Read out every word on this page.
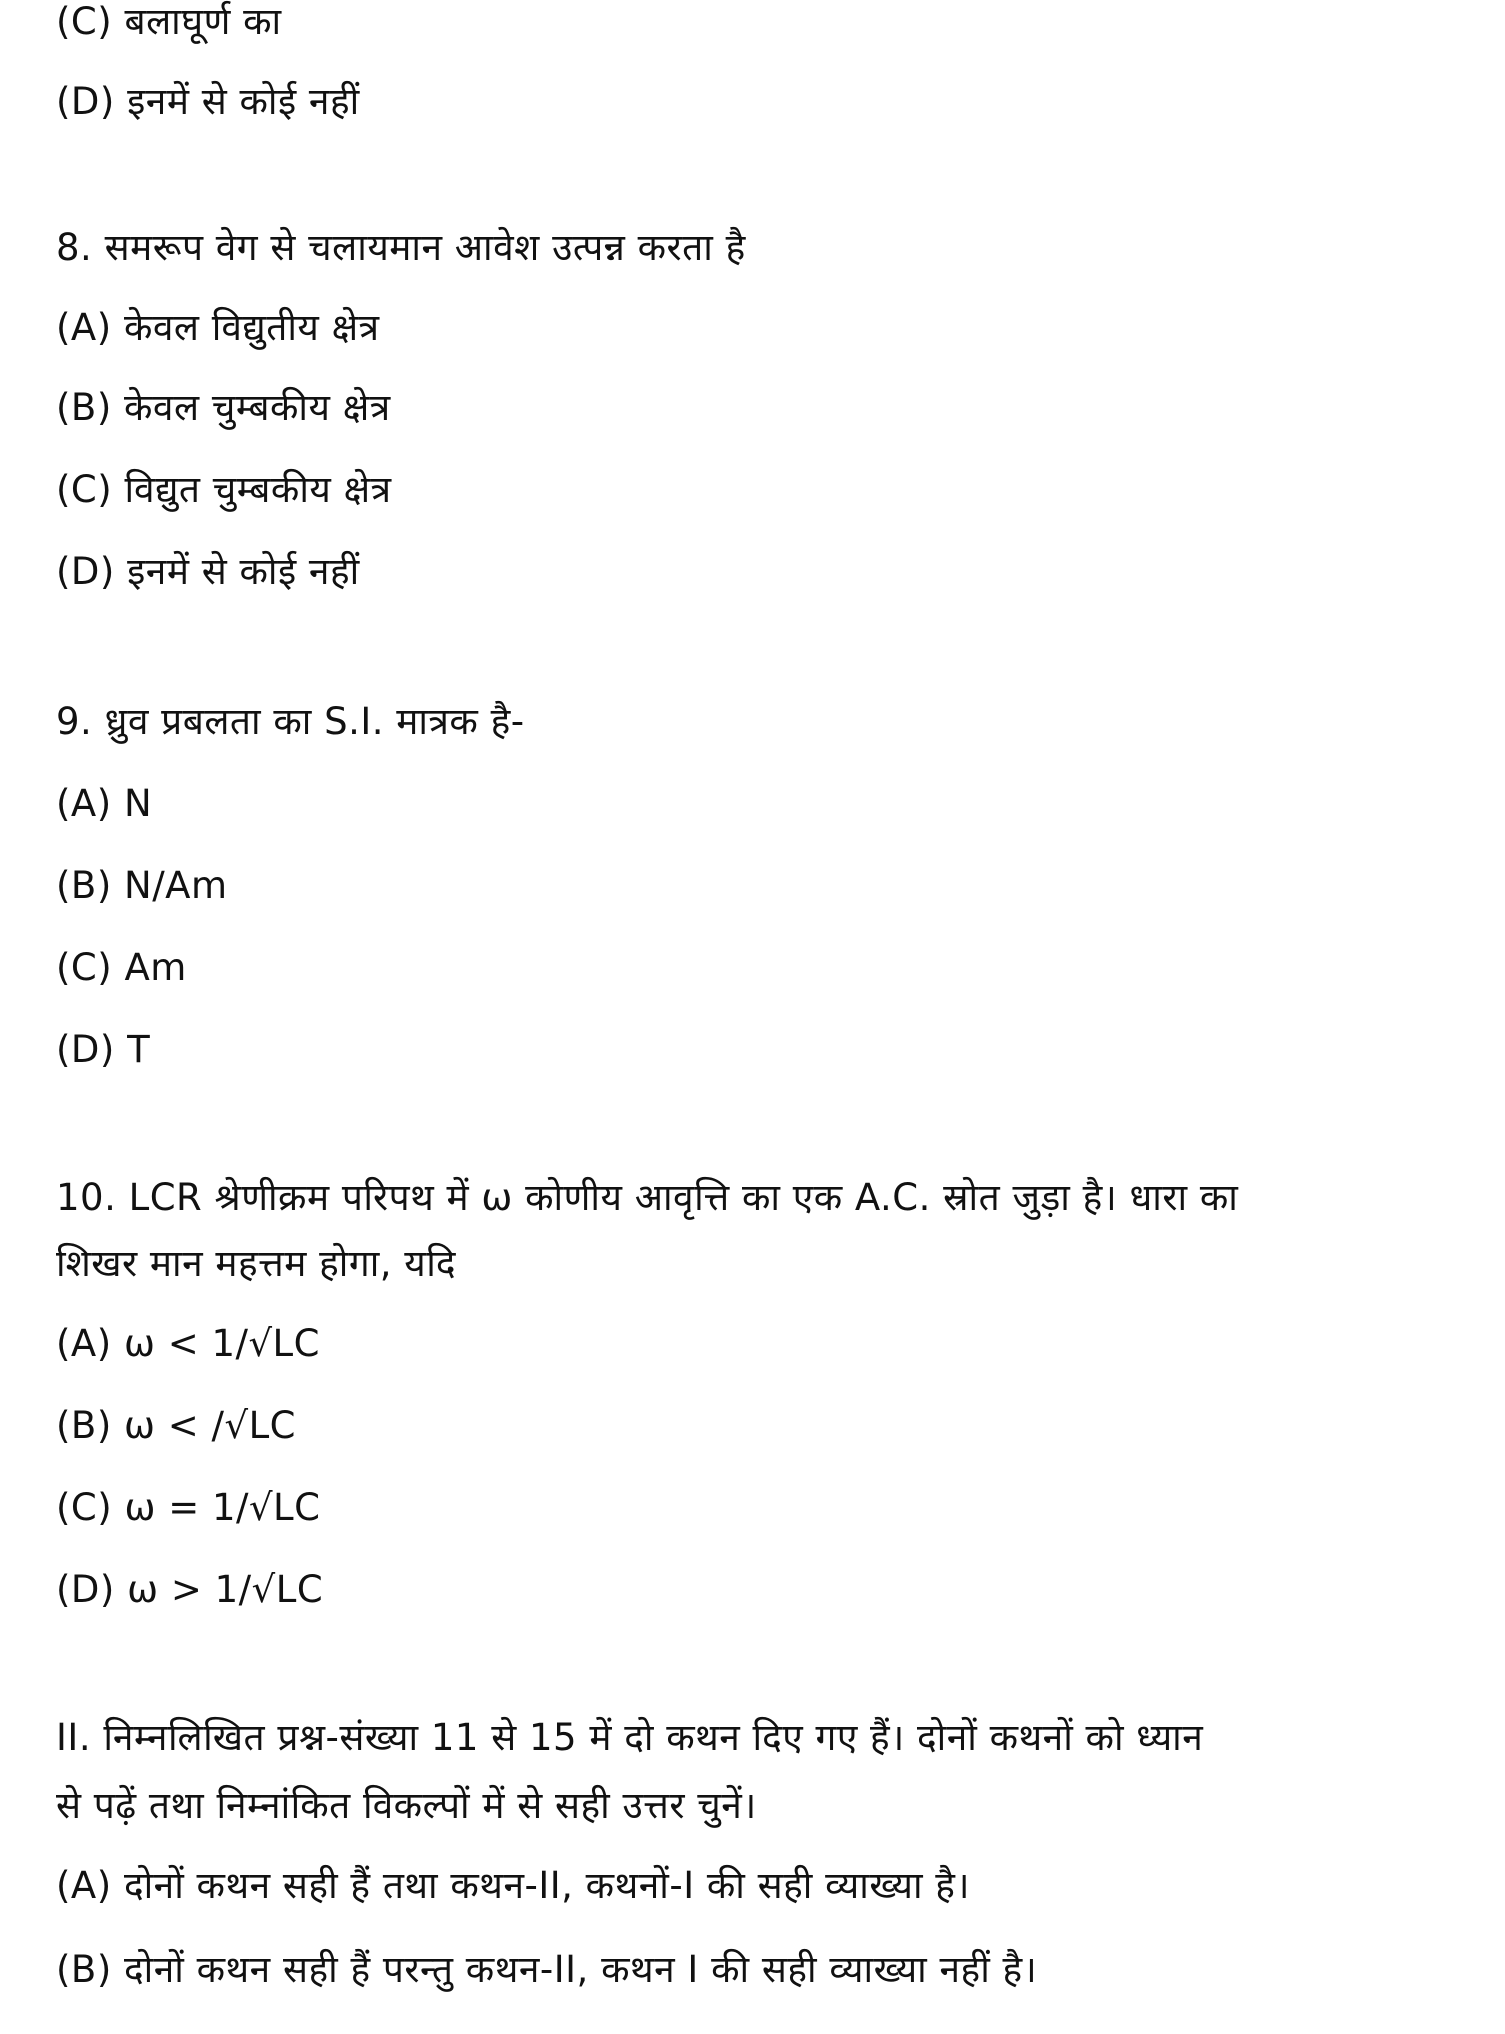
(C) बलाघूर्ण का
(D) इनमें से कोई नहीं
8. समरूप वेग से चलायमान आवेश उत्पन्न करता है
(A) केवल विद्युतीय क्षेत्र
(B) केवल चुम्बकीय क्षेत्र
(C) विद्युत चुम्बकीय क्षेत्र
(D) इनमें से कोई नहीं
9. ध्रुव प्रबलता का S.I. मात्रक है-
(A) N
(B) N/Am
(C) Am
(D) T
10. LCR श्रेणीक्रम परिपथ में ω कोणीय आवृत्ति का एक A.C. स्रोत जुड़ा है। धारा का
शिखर मान महत्तम होगा, यदि
(A) ω < 1/√LC
(B) ω < /√LC
(C) ω = 1/√LC
(D) ω > 1/√LC
II. निम्नलिखित प्रश्न-संख्या 11 से 15 में दो कथन दिए गए हैं। दोनों कथनों को ध्यान
से पढ़ें तथा निम्नांकित विकल्पों में से सही उत्तर चुनें।
(A) दोनों कथन सही हैं तथा कथन-II, कथनों-I की सही व्याख्या है।
(B) दोनों कथन सही हैं परन्तु कथन-II, कथन I की सही व्याख्या नहीं है।
